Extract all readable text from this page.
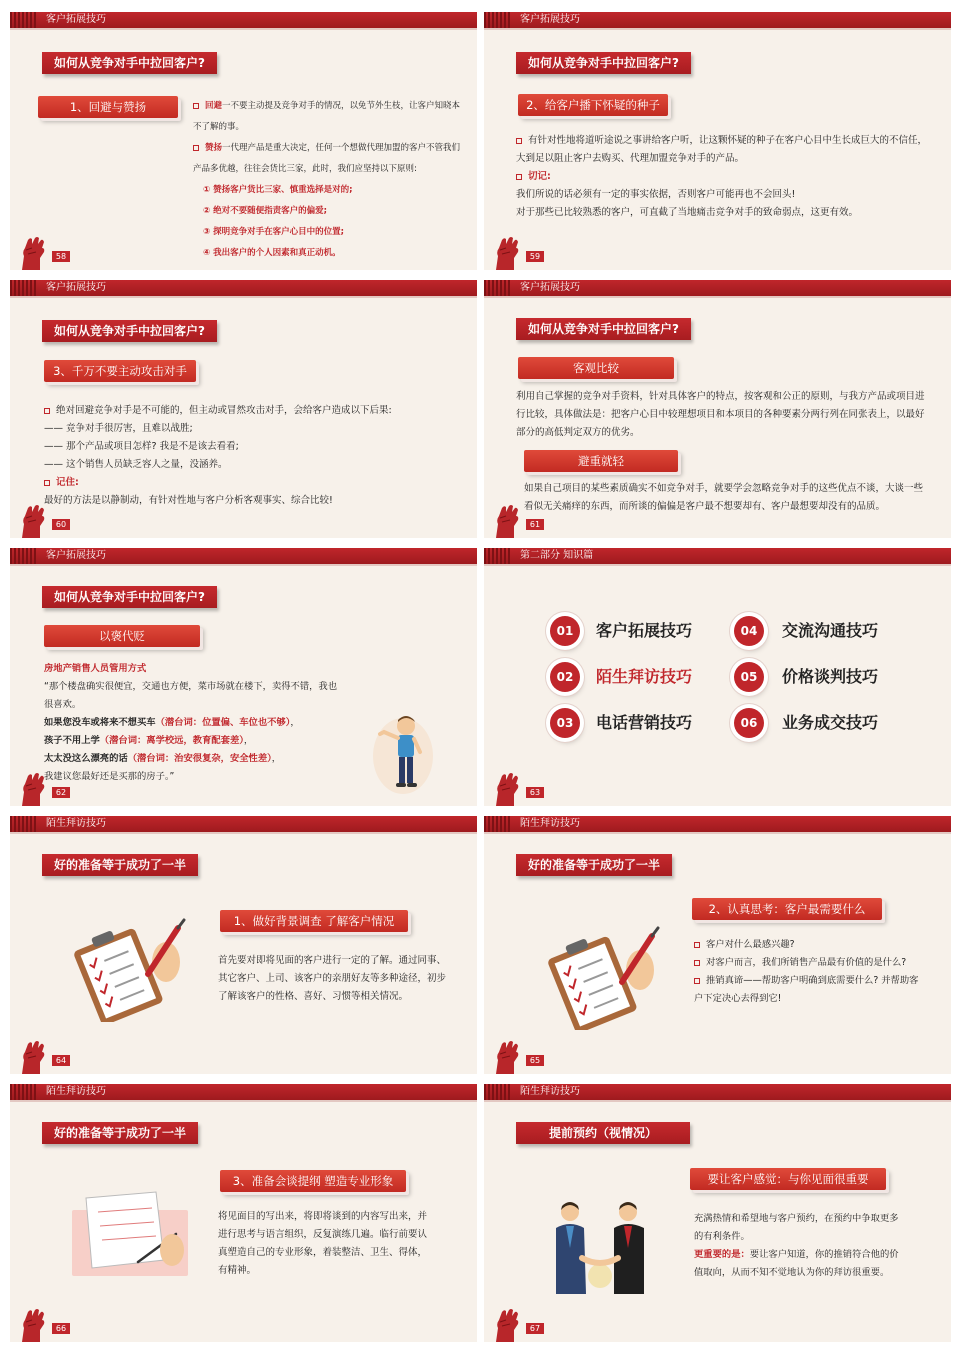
客户拓展技巧
如何从竞争对手中拉回客户?
1、回避与赞扬	回避一不要主动提及竞争对手的情况，以免节外生枝，让客户知晓本不了解的事。

赞扬一代理产品是重大决定，任何一个想做代理加盟的客户不管我们产品多优越，往往会货比三家，此时，我们应坚持以下原则:

① 赞扬客户货比三家、慎重选择是对的;

② 绝对不要随便指责客户的偏爱;

③ 探明竞争对手在客户心目中的位置;

④ 我出客户的个人因素和真正动机。

58
客户拓展技巧
如何从竞争对手中拉回客户?
2、给客户播下怀疑的种子

有针对性地将道听途说之事讲给客户听，让这颗怀疑的种子在客户心目中生长成巨大的不信任，大到足以阻止客户去购买、代理加盟竞争对手的产品。

切记:

我们所说的话必须有一定的事实依据，否则客户可能再也不会回头!

对于那些已比较熟悉的客户，可直截了当地痛击竞争对手的致命弱点，这更有效。

59
客户拓展技巧
如何从竞争对手中拉回客户?
3、千万不要主动攻击对手

绝对回避竞争对手是不可能的，但主动或冒然攻击对手，会给客户造成以下后果:

—— 竞争对手很厉害，且难以战胜;

—— 那个产品或项目怎样? 我是不是该去看看;

—— 这个销售人员缺乏容人之量，没涵养。

记住:

最好的方法是以静制动，有针对性地与客户分析客观事实、综合比较!

60
客户拓展技巧
如何从竞争对手中拉回客户?
客观比较
利用自己掌握的竞争对手资料，针对具体客户的特点，按客观和公正的原则，与我方产品或项目进行比较，具体做法是：把客户心目中较理想项目和本项目的各种要素分两行列在同张表上，以最好部分的高低判定双方的优劣。
避重就轻
如果自己项目的某些素质确实不如竞争对手，就要学会忽略竞争对手的这些优点不谈，大谈一些看似无关痛痒的东西，而所谈的偏偏是客户最不想要却有、客户最想要却没有的品质。
61
客户拓展技巧
如何从竞争对手中拉回客户?
以褒代贬

房地产销售人员管用方式

“那个楼盘确实很便宜，交通也方便，菜市场就在楼下，卖得不错，我也很喜欢。

如果您没车或将来不想买车（潜台词：位置偏、车位也不够），

孩子不用上学（潜台词：离学校远，教育配套差），

太太没这么漂亮的话（潜台词：治安很复杂，安全性差），

我建议您最好还是买那的房子。”

62
第二部分 知识篇
01	客户拓展技巧
02	陌生拜访技巧
03	电话营销技巧
04	交流沟通技巧
05	价格谈判技巧
06	业务成交技巧
63
陌生拜访技巧
好的准备等于成功了一半
1、做好背景调查 了解客户情况
首先要对即将见面的客户进行一定的了解。通过同事、其它客户、上司、该客户的亲朋好友等多种途径，初步了解该客户的性格、喜好、习惯等相关情况。
64
陌生拜访技巧
好的准备等于成功了一半
2、认真思考：客户最需要什么

客户对什么最感兴趣?

对客户而言，我们所销售产品最有价值的是什么?

推销真谛——帮助客户明确到底需要什么? 并帮助客户下定决心去得到它!

65
陌生拜访技巧
好的准备等于成功了一半
3、准备会谈提纲 塑造专业形象
将见面目的写出来，将即将谈到的内容写出来，并进行思考与语言组织，反复演练几遍。临行前要认真塑造自己的专业形象，着装整洁、卫生、得体，有精神。
66
陌生拜访技巧
提前预约（视情况）
要让客户感觉：与你见面很重要

充满热情和希望地与客户预约，在预约中争取更多的有利条件。

更重要的是：要让客户知道，你的推销符合他的价值取向，从而不知不觉地认为你的拜访很重要。

67
